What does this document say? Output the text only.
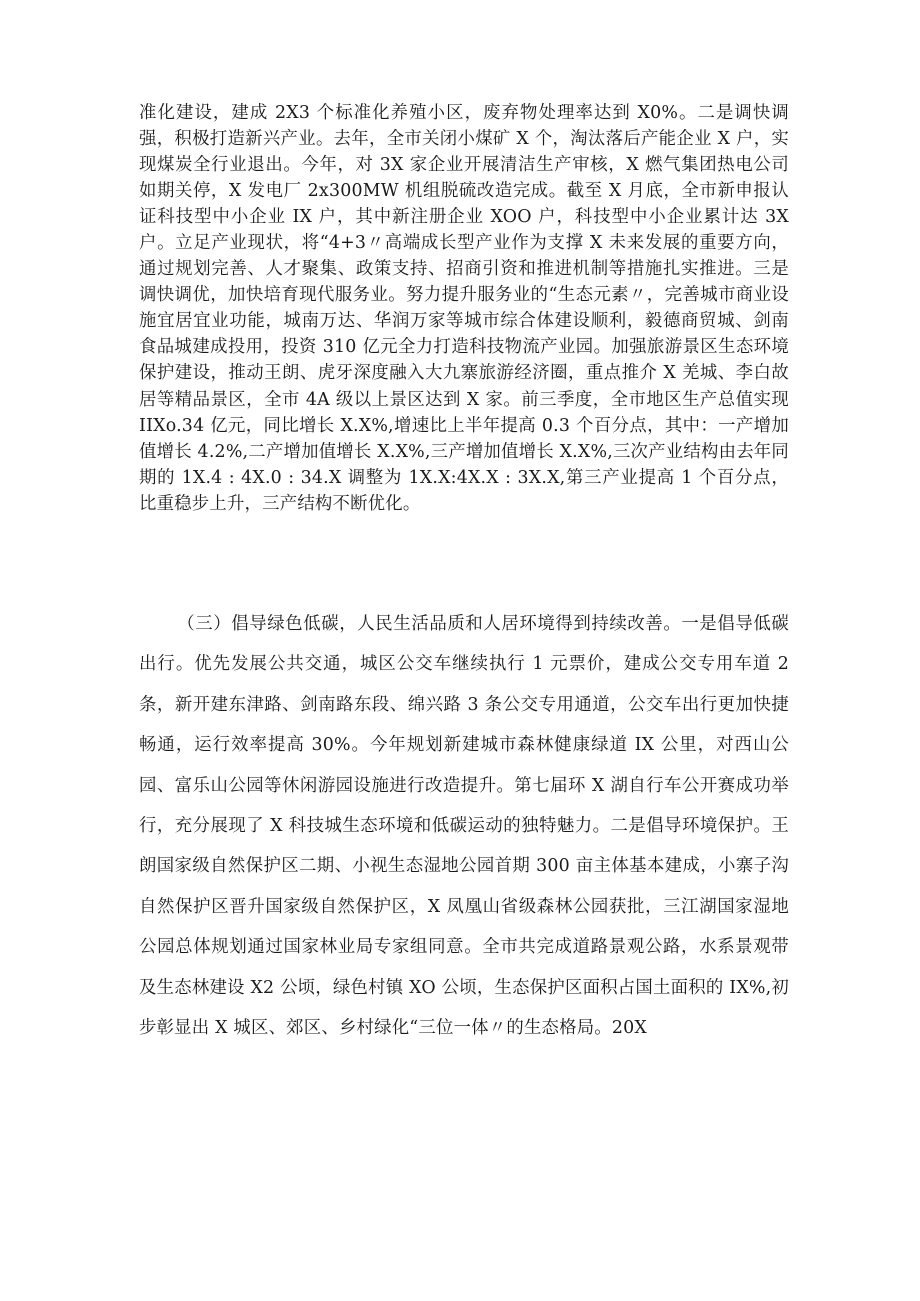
准化建设，建成 2X3 个标准化养殖小区，废弃物处理率达到 X0%。二是调快调强，积极打造新兴产业。去年，全市关闭小煤矿 X 个，淘汰落后产能企业 X 户，实现煤炭全行业退出。今年，对 3X 家企业开展清洁生产审核，X 燃气集团热电公司如期关停，X 发电厂 2x300MW 机组脱硫改造完成。截至 X 月底，全市新申报认证科技型中小企业 IX 户，其中新注册企业 XOO 户，科技型中小企业累计达 3X 户。立足产业现状，将“4+3〃高端成长型产业作为支撑 X 未来发展的重要方向，通过规划完善、人才聚集、政策支持、招商引资和推进机制等措施扎实推进。三是调快调优，加快培育现代服务业。努力提升服务业的“生态元素〃，完善城市商业设施宜居宜业功能，城南万达、华润万家等城市综合体建设顺利，毅德商贸城、剑南食品城建成投用，投资 310 亿元全力打造科技物流产业园。加强旅游景区生态环境保护建设，推动王朗、虎牙深度融入大九寨旅游经济圈，重点推介 X 羌城、李白故居等精品景区，全市 4A 级以上景区达到 X 家。前三季度，全市地区生产总值实现 IIXo.34 亿元，同比增长 X.X%,增速比上半年提高 0.3 个百分点，其中：一产增加值增长 4.2%,二产增加值增长 X.X%,三产增加值增长 X.X%,三次产业结构由去年同期的 1X.4 : 4X.0 : 34.X 调整为 1X.X:4X.X : 3X.X,第三产业提高 1 个百分点，比重稳步上升，三产结构不断优化。

（三）倡导绿色低碳，人民生活品质和人居环境得到持续改善。一是倡导低碳出行。优先发展公共交通，城区公交车继续执行 1 元票价，建成公交专用车道 2 条，新开建东津路、剑南路东段、绵兴路 3 条公交专用通道，公交车出行更加快捷畅通，运行效率提高 30%。今年规划新建城市森林健康绿道 IX 公里，对西山公园、富乐山公园等休闲游园设施进行改造提升。第七届环 X 湖自行车公开赛成功举行，充分展现了 X 科技城生态环境和低碳运动的独特魅力。二是倡导环境保护。王朗国家级自然保护区二期、小视生态湿地公园首期 300 亩主体基本建成，小寨子沟自然保护区晋升国家级自然保护区，X 凤凰山省级森林公园获批，三江湖国家湿地公园总体规划通过国家林业局专家组同意。全市共完成道路景观公路，水系景观带及生态林建设 X2 公顷，绿色村镇 XO 公顷，生态保护区面积占国土面积的 IX%,初步彰显出 X 城区、郊区、乡村绿化“三位一体〃的生态格局。20X
